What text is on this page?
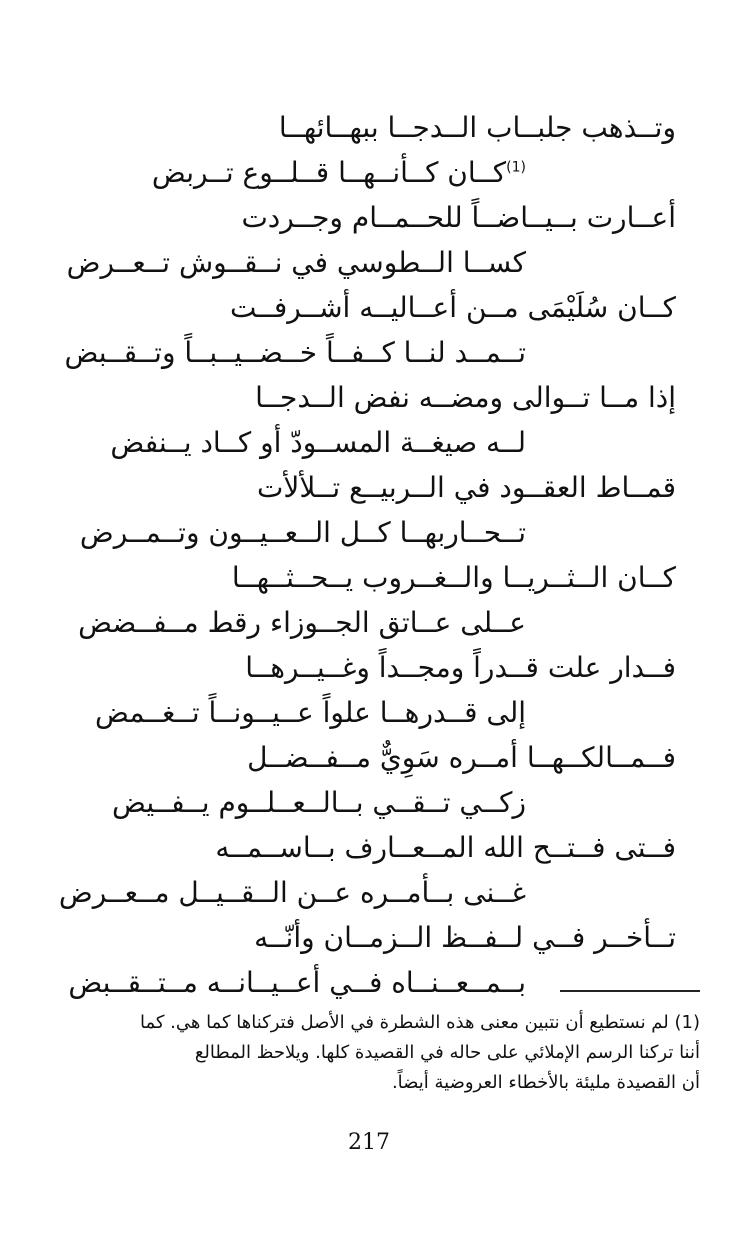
وتــذهب جلبــاب الــدجــا ببهــائهــا
$^{(1)}$كــان كــأنــهــا قــلــوع تــربض
أعــارت بــيــاضــاً للحــمــام وجــردت
كســا الــطوسي في نــقــوش تــعــرض
كــان سُلَيْمَى مــن أعــاليــه أشــرفــت
تــمــد لنــا كــفــاً خــضــيــبــاً وتــقــبض
إذا مــا تــوالى ومضــه نفض الــدجــا
لــه صيغــة المســودّ أو كــاد يــنفض
قمــاط العقــود في الــربيــع تــلألأت
تــحــاربهــا كــل الــعــيــون وتــمــرض
كــان الــثــريــا والــغــروب يــحــثــهــا
عــلى عــاتق الجــوزاء رقط مــفــضض
فــدار علت قــدراً ومجــداً وغــيــرهــا
إلى قــدرهــا علواً عــيــونــاً تــغــمض
فــمــالكــهــا أمــره سَوِيٌّ مــفــضــل
زكــي تــقــي بــالــعــلــوم يــفــيض
فــتى فــتــح الله المــعــارف بــاســمــه
غــنى بــأمــره عــن الــقــيــل مــعــرض
تــأخــر فــي لــفــظ الــزمــان وأنّــه
بــمــعــنــاه فــي أعــيــانــه مــتــقــبض
(1) لم نستطيع أن نتبين معنى هذه الشطرة في الأصل فتركناها كما هي. كما
أننا تركنا الرسم الإملائي على حاله في القصيدة كلها. ويلاحظ المطالع
أن القصيدة مليئة بالأخطاء العروضية أيضاً.
217
